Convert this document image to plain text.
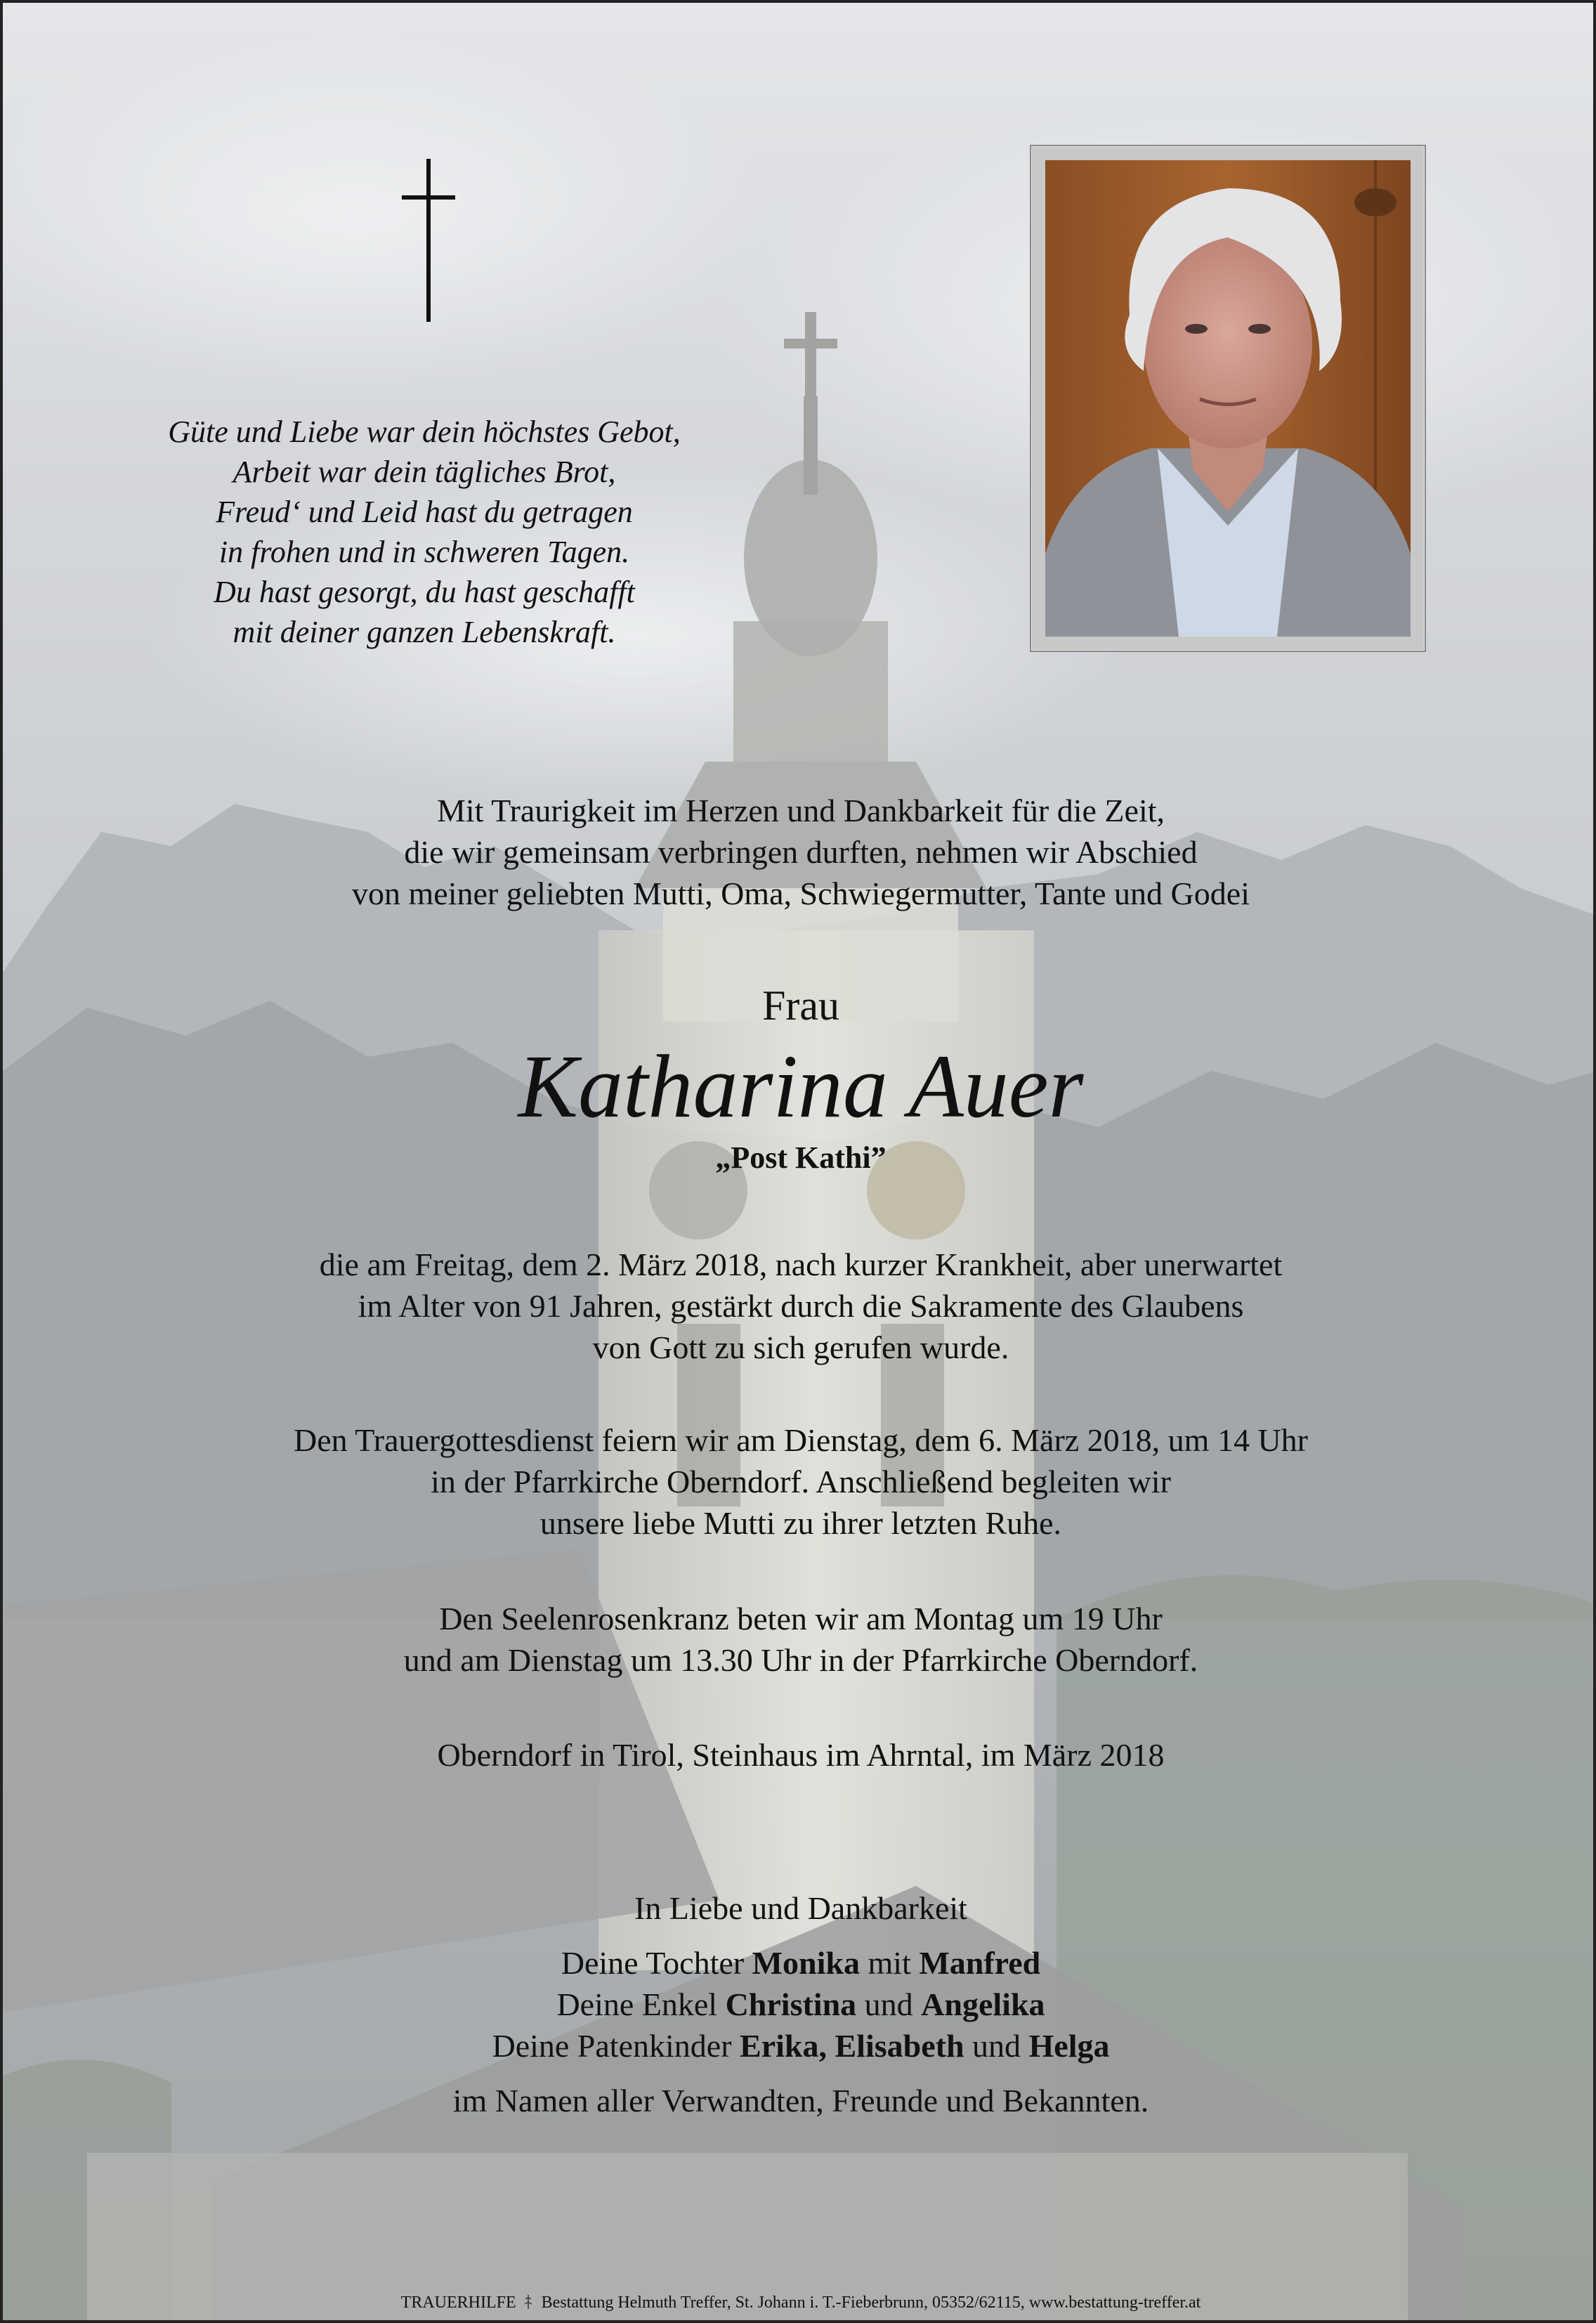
Güte und Liebe war dein höchstes Gebot,
Arbeit war dein tägliches Brot,
Freud‘ und Leid hast du getragen
in frohen und in schweren Tagen.
Du hast gesorgt, du hast geschafft
mit deiner ganzen Lebenskraft.
Mit Traurigkeit im Herzen und Dankbarkeit für die Zeit,
die wir gemeinsam verbringen durften, nehmen wir Abschied
von meiner geliebten Mutti, Oma, Schwiegermutter, Tante und Godei
Frau
Katharina Auer
„Post Kathi”
die am Freitag, dem 2. März 2018, nach kurzer Krankheit, aber unerwartet
im Alter von 91 Jahren, gestärkt durch die Sakramente des Glaubens
von Gott zu sich gerufen wurde.
Den Trauergottesdienst feiern wir am Dienstag, dem 6. März 2018, um 14 Uhr
in der Pfarrkirche Oberndorf. Anschließend begleiten wir
unsere liebe Mutti zu ihrer letzten Ruhe.
Den Seelenrosenkranz beten wir am Montag um 19 Uhr
und am Dienstag um 13.30 Uhr in der Pfarrkirche Oberndorf.
Oberndorf in Tirol, Steinhaus im Ahrntal, im März 2018
In Liebe und Dankbarkeit
Deine Tochter Monika mit Manfred
Deine Enkel Christina und Angelika
Deine Patenkinder Erika, Elisabeth und Helga
im Namen aller Verwandten, Freunde und Bekannten.
TRAUERHILFE Bestattung Helmuth Treffer, St. Johann i. T.-Fieberbrunn, 05352/62115, www.bestattung-treffer.at
